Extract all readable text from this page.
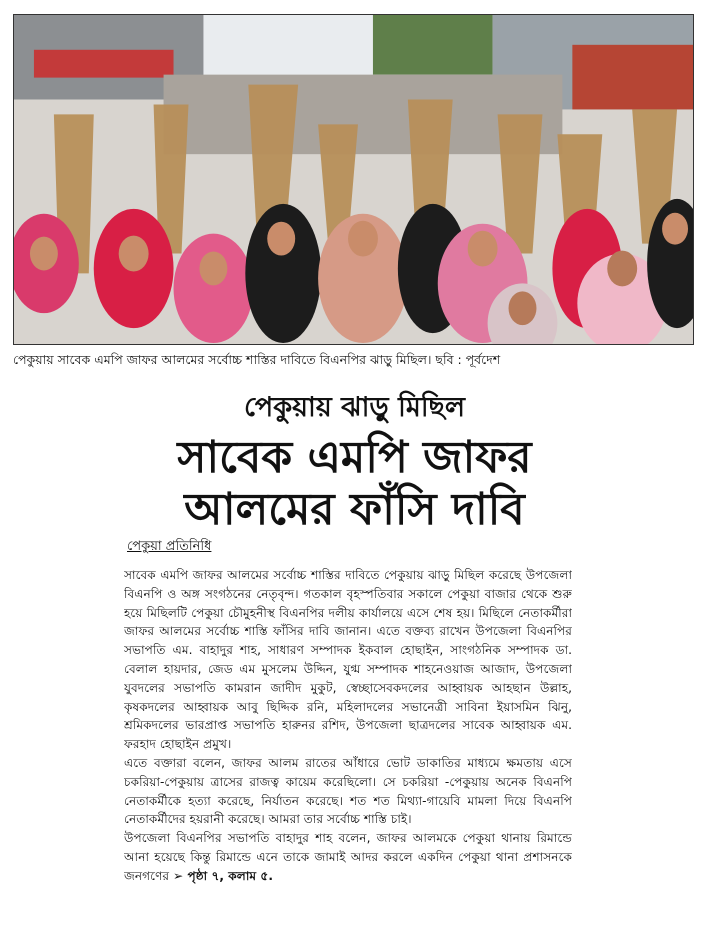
পেকুয়ায় সাবেক এমপি জাফর আলমের সর্বোচ্চ শাস্তির দাবিতে বিএনপির ঝাড়ু মিছিল। ছবি : পূর্বদেশ
পেকুয়ায় ঝাড়ু মিছিল
সাবেক এমপি জাফর
আলমের ফাঁসি দাবি
পেকুয়া প্রতিনিধি

সাবেক এমপি জাফর আলমের সর্বোচ্চ শাস্তির দাবিতে পেকুয়ায় ঝাড়ু মিছিল করেছে উপজেলা বিএনপি ও অঙ্গ সংগঠনের নেতৃবৃন্দ। গতকাল বৃহস্পতিবার সকালে পেকুয়া বাজার থেকে শুরু হয়ে মিছিলটি পেকুয়া চৌমুহনীস্থ বিএনপির দলীয় কার্যালয়ে এসে শেষ হয়। মিছিলে নেতাকর্মীরা জাফর আলমের সর্বোচ্চ শাস্তি ফাঁসির দাবি জানান। এতে বক্তব্য রাখেন উপজেলা বিএনপির সভাপতি এম. বাহাদুর শাহ, সাধারণ সম্পাদক ইকবাল হোছাইন, সাংগঠনিক সম্পাদক ডা. বেলাল হায়দার, জেড এম মুসলেম উদ্দিন, যুগ্ম সম্পাদক শাহনেওয়াজ আজাদ, উপজেলা যুবদলের সভাপতি কামরান জাদীদ মুকুট, স্বেচ্ছাসেবকদলের আহ্বায়ক আহছান উল্লাহ, কৃষকদলের আহ্বায়ক আবু ছিদ্দিক রনি, মহিলাদলের সভানেত্রী সাবিনা ইয়াসমিন ঝিনু, শ্রমিকদলের ভারপ্রাপ্ত সভাপতি হারুনর রশিদ, উপজেলা ছাত্রদলের সাবেক আহ্বায়ক এম. ফরহাদ হোছাইন প্রমুখ।

এতে বক্তারা বলেন, জাফর আলম রাতের আঁধারে ভোট ডাকাতির মাধ্যমে ক্ষমতায় এসে চকরিয়া-পেকুয়ায় ত্রাসের রাজত্ব কায়েম করেছিলো। সে চকরিয়া -পেকুয়ায় অনেক বিএনপি নেতাকর্মীকে হত্যা করেছে, নির্যাতন করেছে। শত শত মিথ্যা-গায়েবি মামলা দিয়ে বিএনপি নেতাকর্মীদের হয়রানী করেছে। আমরা তার সর্বোচ্চ শাস্তি চাই।

উপজেলা বিএনপির সভাপতি বাহাদুর শাহ বলেন, জাফর আলমকে পেকুয়া থানায় রিমান্ডে আনা হয়েছে কিন্তু রিমান্ডে এনে তাকে জামাই আদর করলে একদিন পেকুয়া থানা প্রশাসনকে জনগণের ➢ পৃষ্ঠা ৭, কলাম ৫.
